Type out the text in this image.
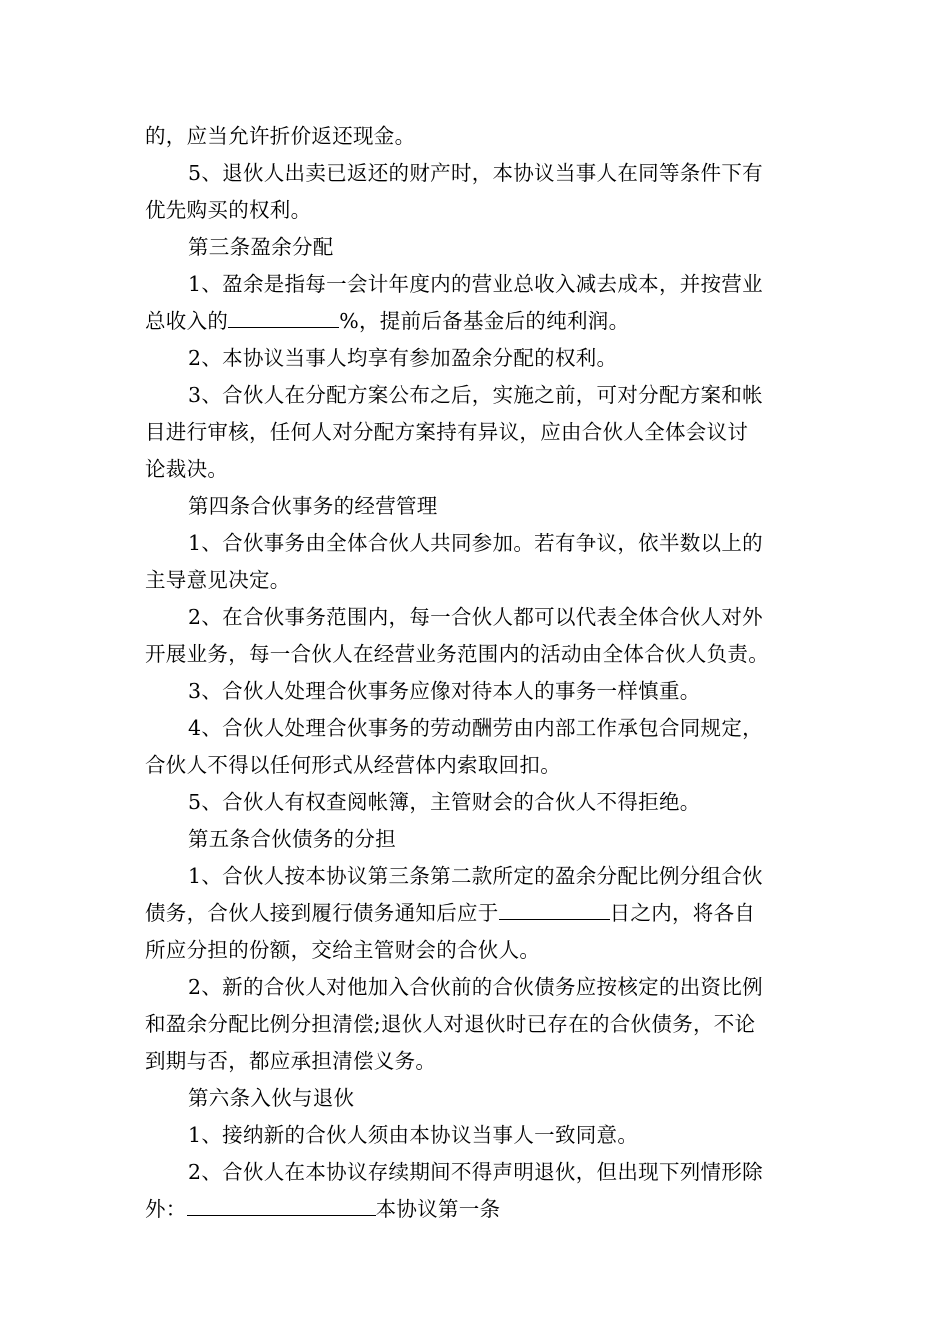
的，应当允许折价返还现金。
5、退伙人出卖已返还的财产时，本协议当事人在同等条件下有
优先购买的权利。
第三条盈余分配
1、盈余是指每一会计年度内的营业总收入减去成本，并按营业
总收入的	%，提前后备基金后的纯利润。
2、本协议当事人均享有参加盈余分配的权利。
3、合伙人在分配方案公布之后，实施之前，可对分配方案和帐
目进行审核，任何人对分配方案持有异议，应由合伙人全体会议讨
论裁决。
第四条合伙事务的经营管理
1、合伙事务由全体合伙人共同参加。若有争议，依半数以上的
主导意见决定。
2、在合伙事务范围内，每一合伙人都可以代表全体合伙人对外
开展业务，每一合伙人在经营业务范围内的活动由全体合伙人负责。
3、合伙人处理合伙事务应像对待本人的事务一样慎重。
4、合伙人处理合伙事务的劳动酬劳由内部工作承包合同规定，
合伙人不得以任何形式从经营体内索取回扣。
5、合伙人有权查阅帐簿，主管财会的合伙人不得拒绝。
第五条合伙债务的分担
1、合伙人按本协议第三条第二款所定的盈余分配比例分组合伙
债务，合伙人接到履行债务通知后应于	日之内，将各自
所应分担的份额，交给主管财会的合伙人。
2、新的合伙人对他加入合伙前的合伙债务应按核定的出资比例
和盈余分配比例分担清偿;退伙人对退伙时已存在的合伙债务，不论
到期与否，都应承担清偿义务。
第六条入伙与退伙
1、接纳新的合伙人须由本协议当事人一致同意。
2、合伙人在本协议存续期间不得声明退伙，但出现下列情形除
外：	本协议第一条
